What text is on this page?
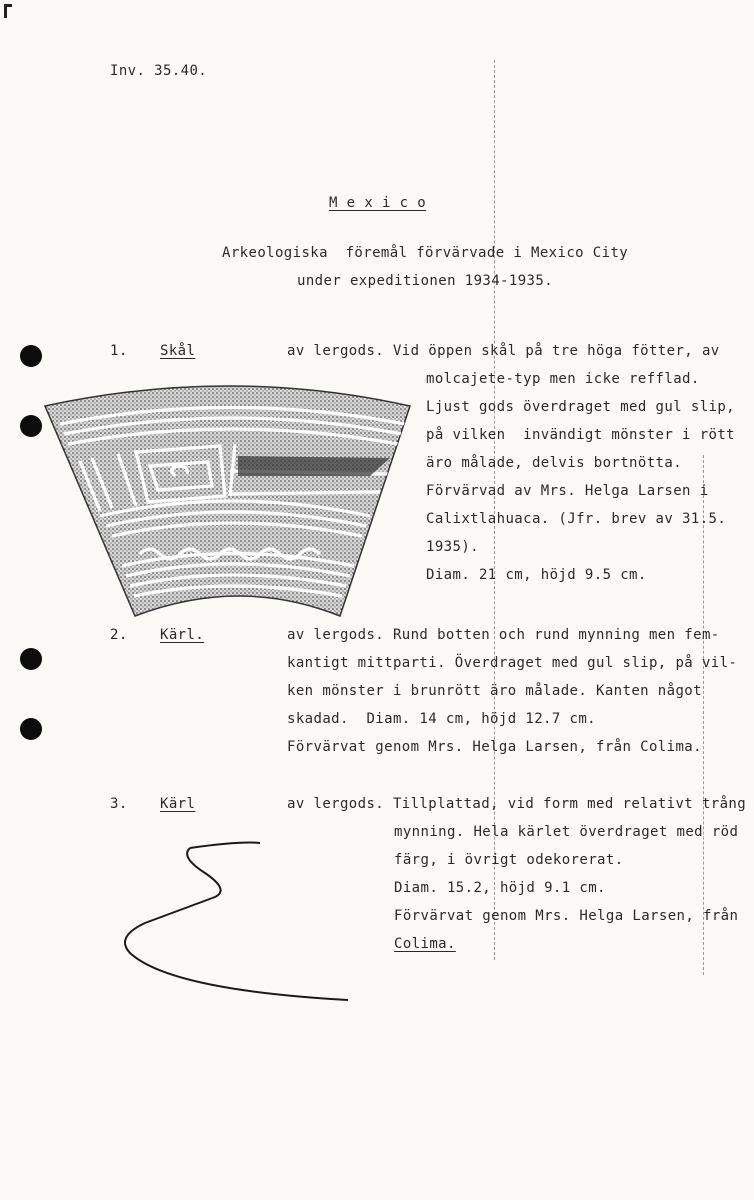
Inv. 35.40.
M e x i c o
Arkeologiska  föremål förvärvade i Mexico City
under expeditionen 1934-1935.
1. Skål	av lergods. Vid öppen skål på tre höga fötter, av
molcajete-typ men icke refflad.
Ljust gods överdraget med gul slip,
på vilken  invändigt mönster i rött
äro målade, delvis bortnötta.
Förvärvad av Mrs. Helga Larsen i
Calixtlahuaca. (Jfr. brev av 31.5.
1935).
Diam. 21 cm, höjd 9.5 cm.
2. Kärl.	av lergods. Rund botten och rund mynning men fem-
kantigt mittparti. Överdraget med gul slip, på vil-
ken mönster i brunrött äro målade. Kanten något
skadad.  Diam. 14 cm, höjd 12.7 cm.
Förvärvat genom Mrs. Helga Larsen, från Colima.
3. Kärl	av lergods. Tillplattad, vid form med relativt trång
mynning. Hela kärlet överdraget med röd
färg, i övrigt odekorerat.
Diam. 15.2, höjd 9.1 cm.
Förvärvat genom Mrs. Helga Larsen, från
Colima.
